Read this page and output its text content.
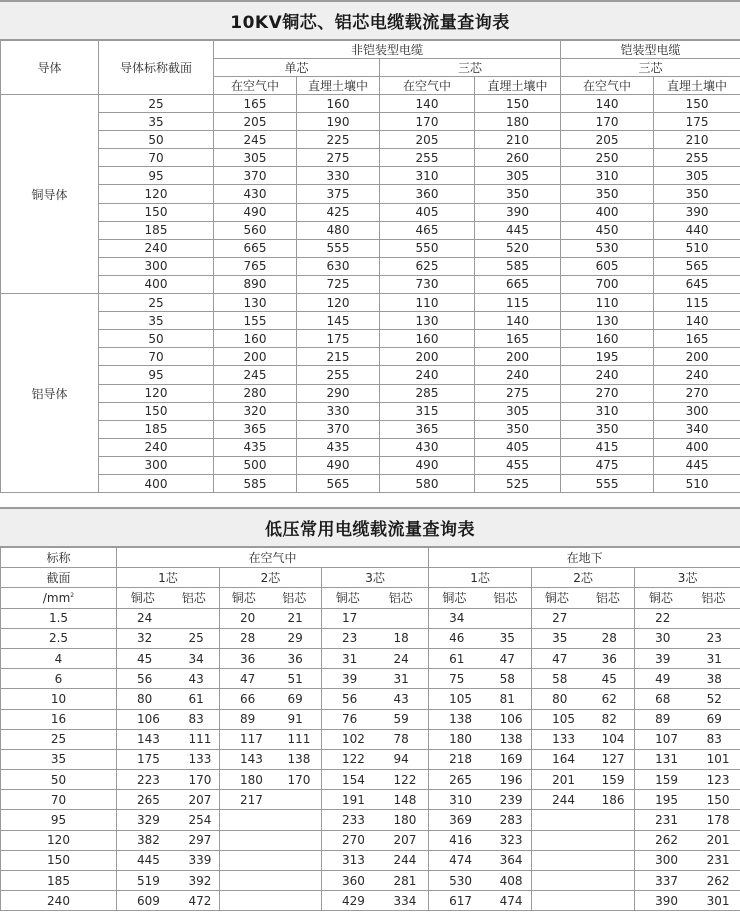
10KV铜芯、铝芯电缆载流量查询表
导体	导体标称截面	非铠装型电缆				铠装型电缆	
		单芯		三芯		三芯	
		在空气中	直埋土壤中	在空气中	直埋土壤中	在空气中	直埋土壤中
铜导体	25	165	160	140	150	140	150
	35	205	190	170	180	170	175
	50	245	225	205	210	205	210
	70	305	275	255	260	250	255
	95	370	330	310	305	310	305
	120	430	375	360	350	350	350
	150	490	425	405	390	400	390
	185	560	480	465	445	450	440
	240	665	555	550	520	530	510
	300	765	630	625	585	605	565
	400	890	725	730	665	700	645
铝导体	25	130	120	110	115	110	115
	35	155	145	130	140	130	140
	50	160	175	160	165	160	165
	70	200	215	200	200	195	200
	95	245	255	240	240	240	240
	120	280	290	285	275	270	270
	150	320	330	315	305	310	300
	185	365	370	365	350	350	340
	240	435	435	430	405	415	400
	300	500	490	490	455	475	445
	400	585	565	580	525	555	510
低压常用电缆载流量查询表
标称	在空气中						在地下					
截面	1芯		2芯		3芯		1芯		2芯		3芯	
$/mm^2$	铜芯	铝芯	铜芯	铝芯	铜芯	铝芯	铜芯	铝芯	铜芯	铝芯	铜芯	铝芯
1.5	24		20	21	17		34		27		22	
2.5	32	25	28	29	23	18	46	35	35	28	30	23
4	45	34	36	36	31	24	61	47	47	36	39	31
6	56	43	47	51	39	31	75	58	58	45	49	38
10	80	61	66	69	56	43	105	81	80	62	68	52
16	106	83	89	91	76	59	138	106	105	82	89	69
25	143	111	117	111	102	78	180	138	133	104	107	83
35	175	133	143	138	122	94	218	169	164	127	131	101
50	223	170	180	170	154	122	265	196	201	159	159	123
70	265	207	217		191	148	310	239	244	186	195	150
95	329	254			233	180	369	283			231	178
120	382	297			270	207	416	323			262	201
150	445	339			313	244	474	364			300	231
185	519	392			360	281	530	408			337	262
240	609	472			429	334	617	474			390	301
